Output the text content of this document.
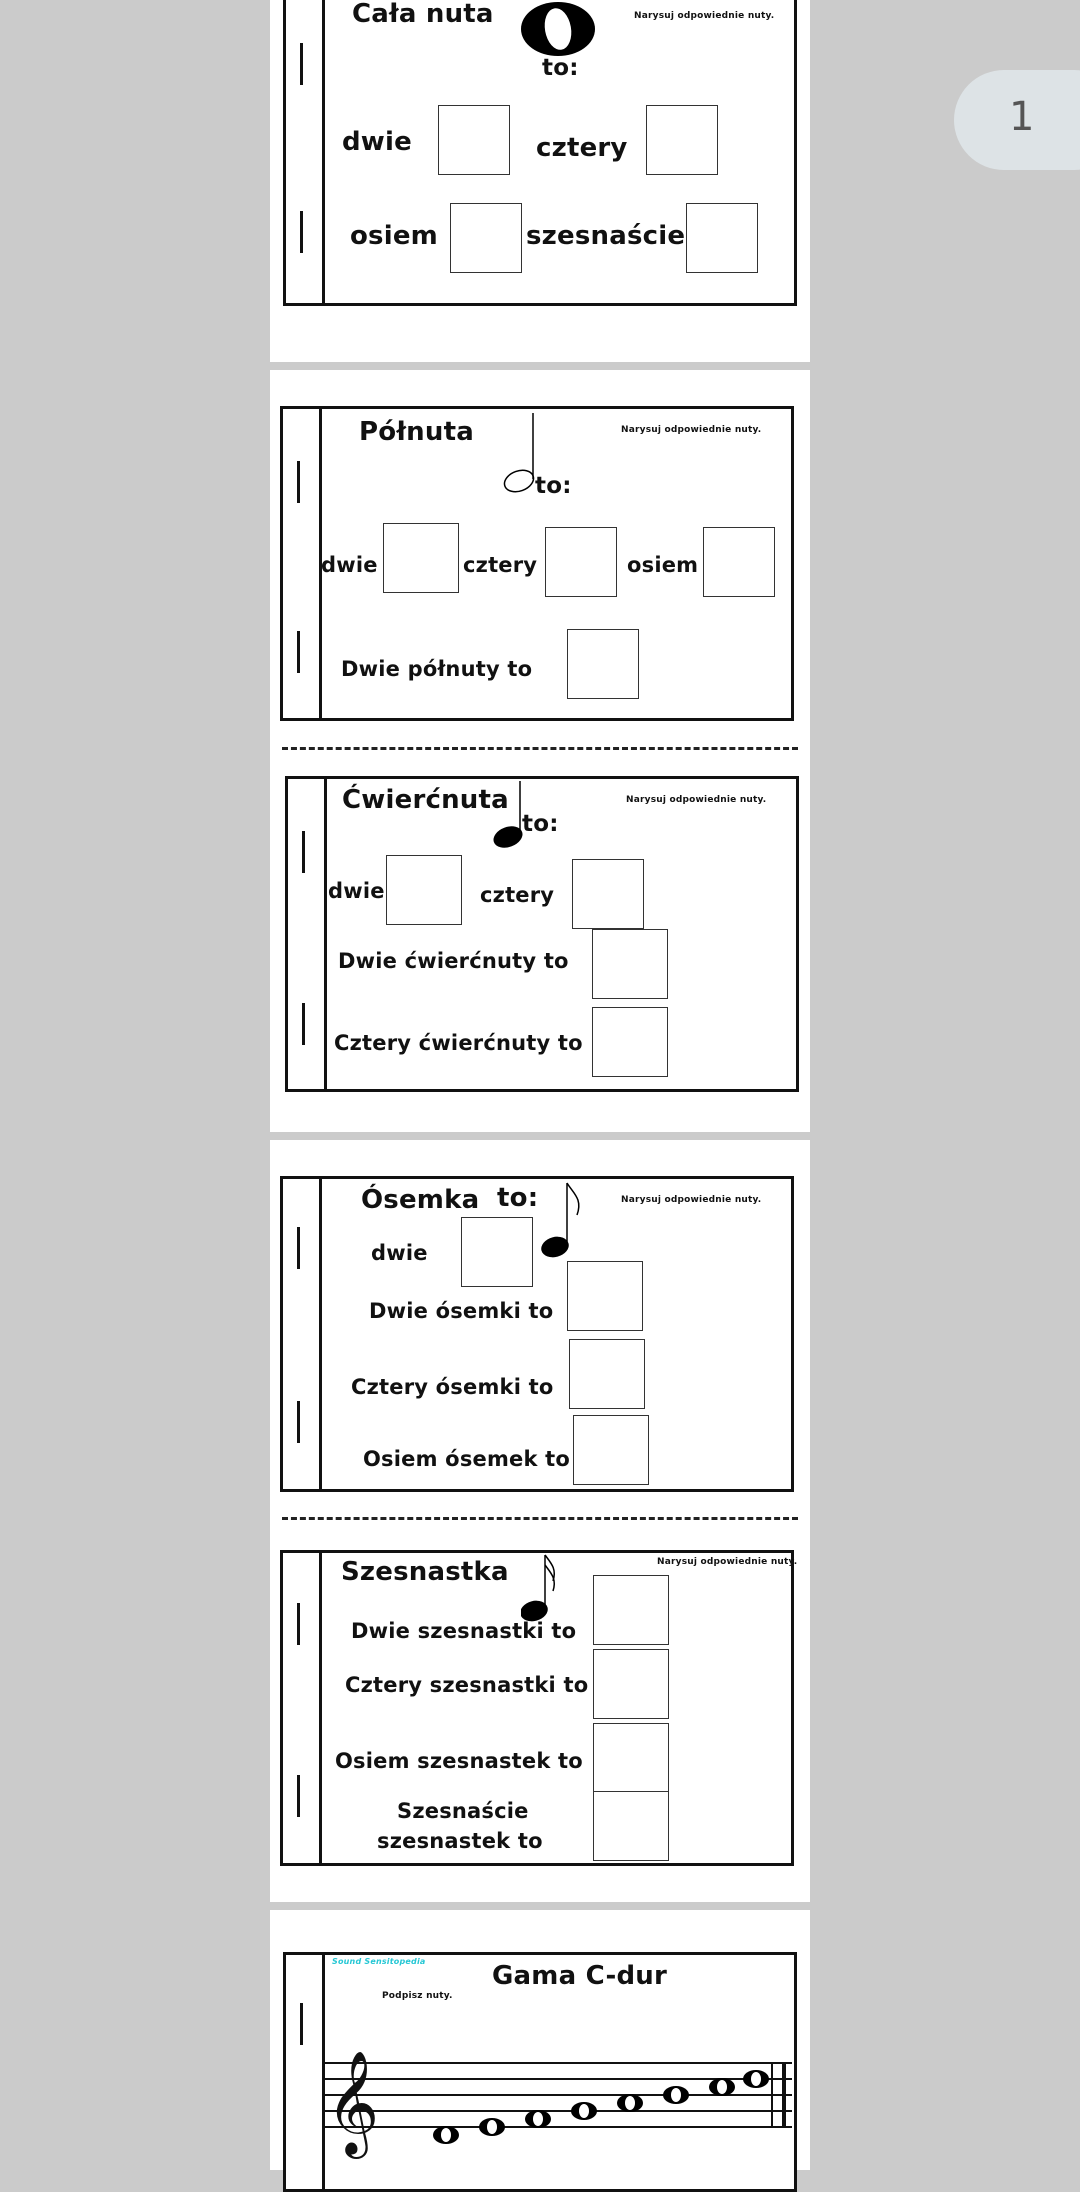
1
Cała nuta	Narysuj odpowiednie nuty.
to:
dwie	cztery
osiem	szesnaście
Półnuta	Narysuj odpowiednie nuty.
to:
dwie	cztery	osiem
Dwie półnuty to
Ćwierćnuta	Narysuj odpowiednie nuty.
to:
dwie	cztery
Dwie ćwierćnuty to
Cztery ćwierćnuty to
Ósemka to:	Narysuj odpowiednie nuty.
dwie
Dwie ósemki to
Cztery ósemki to
Osiem ósemek to
Szesnastka	Narysuj odpowiednie nuty.
Dwie szesnastki to
Cztery szesnastki to
Osiem szesnastek to
Szesnaście
szesnastek to
Sound Sensitopedia	Gama C-dur
Podpisz nuty.
𝄞
